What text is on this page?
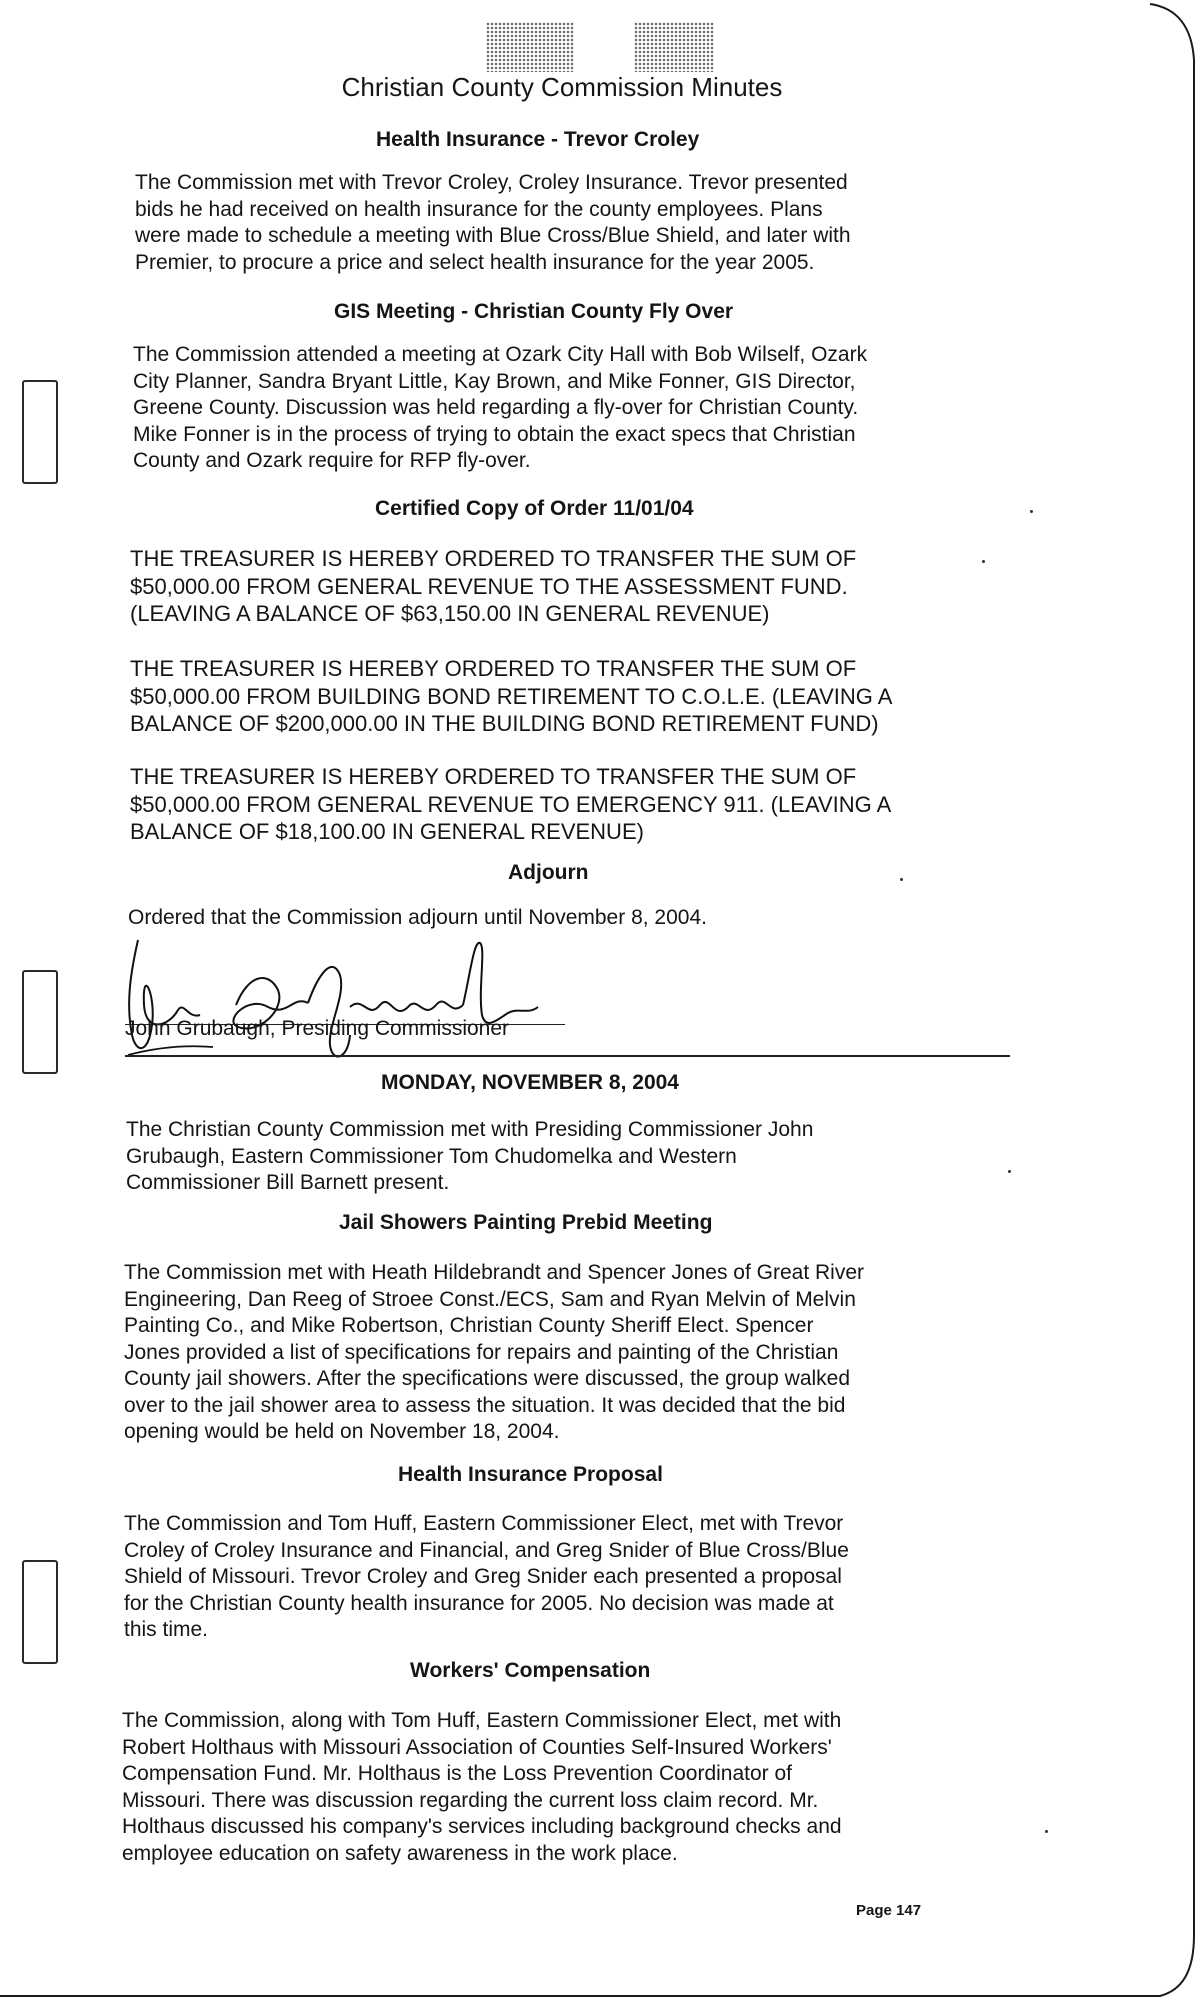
Christian County Commission Minutes
Health Insurance - Trevor Croley
The Commission met with Trevor Croley, Croley Insurance. Trevor presented
bids he had received on health insurance for the county employees. Plans
were made to schedule a meeting with Blue Cross/Blue Shield, and later with
Premier, to procure a price and select health insurance for the year 2005.
GIS Meeting - Christian County Fly Over
The Commission attended a meeting at Ozark City Hall with Bob Wilself, Ozark
City Planner, Sandra Bryant Little, Kay Brown, and Mike Fonner, GIS Director,
Greene County. Discussion was held regarding a fly-over for Christian County.
Mike Fonner is in the process of trying to obtain the exact specs that Christian
County and Ozark require for RFP fly-over.
Certified Copy of Order 11/01/04
THE TREASURER IS HEREBY ORDERED TO TRANSFER THE SUM OF
$50,000.00 FROM GENERAL REVENUE TO THE ASSESSMENT FUND.
(LEAVING A BALANCE OF $63,150.00 IN GENERAL REVENUE)
THE TREASURER IS HEREBY ORDERED TO TRANSFER THE SUM OF
$50,000.00 FROM BUILDING BOND RETIREMENT TO C.O.L.E. (LEAVING A
BALANCE OF $200,000.00 IN THE BUILDING BOND RETIREMENT FUND)
THE TREASURER IS HEREBY ORDERED TO TRANSFER THE SUM OF
$50,000.00 FROM GENERAL REVENUE TO EMERGENCY 911. (LEAVING A
BALANCE OF $18,100.00 IN GENERAL REVENUE)
Adjourn
Ordered that the Commission adjourn until November 8, 2004.
John Grubaugh, Presiding Commissioner
MONDAY, NOVEMBER 8, 2004
The Christian County Commission met with Presiding Commissioner John
Grubaugh, Eastern Commissioner Tom Chudomelka and Western
Commissioner Bill Barnett present.
Jail Showers Painting Prebid Meeting
The Commission met with Heath Hildebrandt and Spencer Jones of Great River
Engineering, Dan Reeg of Stroee Const./ECS, Sam and Ryan Melvin of Melvin
Painting Co., and Mike Robertson, Christian County Sheriff Elect. Spencer
Jones provided a list of specifications for repairs and painting of the Christian
County jail showers. After the specifications were discussed, the group walked
over to the jail shower area to assess the situation. It was decided that the bid
opening would be held on November 18, 2004.
Health Insurance Proposal
The Commission and Tom Huff, Eastern Commissioner Elect, met with Trevor
Croley of Croley Insurance and Financial, and Greg Snider of Blue Cross/Blue
Shield of Missouri. Trevor Croley and Greg Snider each presented a proposal
for the Christian County health insurance for 2005. No decision was made at
this time.
Workers' Compensation
The Commission, along with Tom Huff, Eastern Commissioner Elect, met with
Robert Holthaus with Missouri Association of Counties Self-Insured Workers'
Compensation Fund. Mr. Holthaus is the Loss Prevention Coordinator of
Missouri. There was discussion regarding the current loss claim record. Mr.
Holthaus discussed his company's services including background checks and
employee education on safety awareness in the work place.
Page 147
